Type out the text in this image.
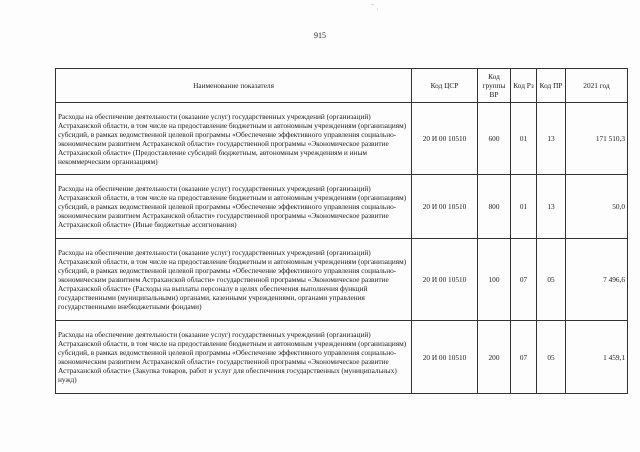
915
Наименование показателя	Код ЦСР	Код группы ВР	Код Рз	Код ПР	2021 год
Расходы на обеспечение деятельности (оказание услуг) государственных учреждений (организаций) Астраханской области, в том числе на предоставление бюджетным и автономным учреждениям (организациям) субсидий, в рамках ведомственной целевой программы «Обеспечение эффективного управления социально-экономическим развитием Астраханской области» государственной программы «Экономическое развитие Астраханской области» (Предоставление субсидий бюджетным, автономным учреждениям и иным некоммерческим организациям)	20 И 00 10510	600	01	13	171 510,3
Расходы на обеспечение деятельности (оказание услуг) государственных учреждений (организаций) Астраханской области, в том числе на предоставление бюджетным и автономным учреждениям (организациям) субсидий, в рамках ведомственной целевой программы «Обеспечение эффективного управления социально-экономическим развитием Астраханской области» государственной программы «Экономическое развитие Астраханской области» (Иные бюджетные ассигнования)	20 И 00 10510	800	01	13	50,0
Расходы на обеспечение деятельности (оказание услуг) государственных учреждений (организаций) Астраханской области, в том числе на предоставление бюджетным и автономным учреждениям (организациям) субсидий, в рамках ведомственной целевой программы «Обеспечение эффективного управления социально-экономическим развитием Астраханской области» государственной программы «Экономическое развитие Астраханской области» (Расходы на выплаты персоналу в целях обеспечения выполнения функций государственными (муниципальными) органами, казенными учреждениями, органами управления государственными внебюджетными фондами)	20 И 00 10510	100	07	05	7 496,6
Расходы на обеспечение деятельности (оказание услуг) государственных учреждений (организаций) Астраханской области, в том числе на предоставление бюджетным и автономным учреждениям (организациям) субсидий, в рамках ведомственной целевой программы «Обеспечение эффективного управления социально-экономическим развитием Астраханской области» государственной программы «Экономическое развитие Астраханской области» (Закупка товаров, работ и услуг для обеспечения государственных (муниципальных) нужд)	20 И 00 10510	200	07	05	1 459,1
